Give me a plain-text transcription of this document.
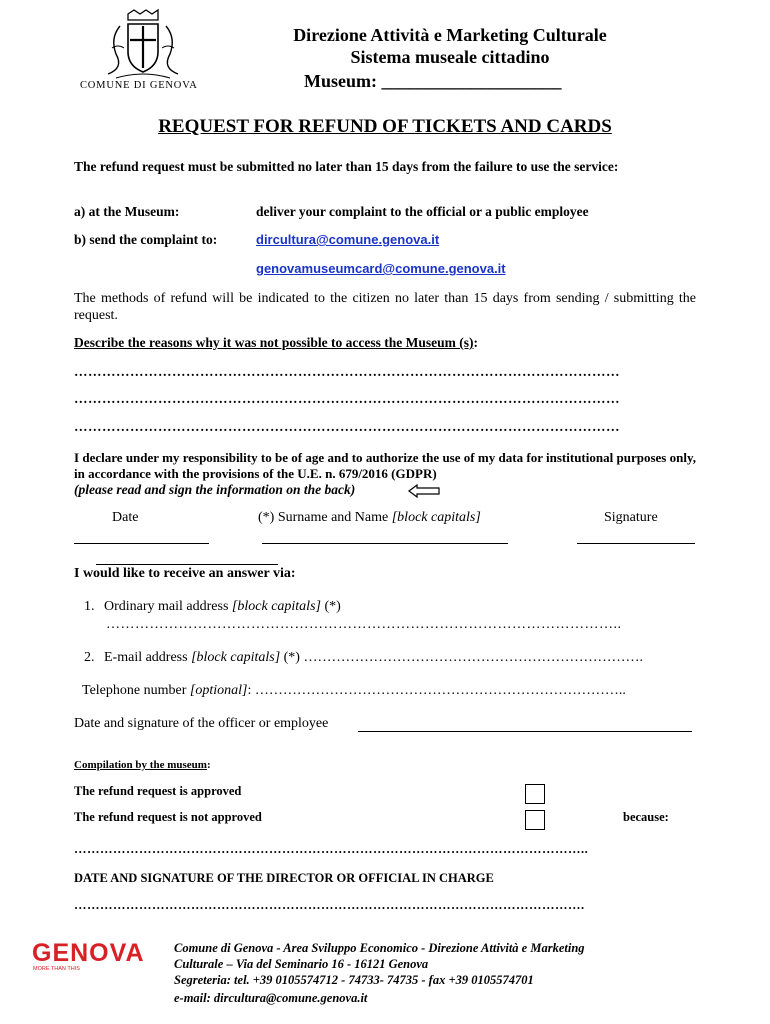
COMUNE DI GENOVA
Direzione Attività e Marketing Culturale
Sistema museale cittadino
Museum: ____________________
REQUEST FOR REFUND OF TICKETS AND CARDS
The refund request must be submitted no later than 15 days from the failure to use the service:
a) at the Museum:	deliver your complaint to the official or a public employee
b) send the complaint to:	dircultura@comune.genova.it
genovamuseumcard@comune.genova.it
The methods of refund will be indicated to the citizen no later than 15 days from sending / submitting the request.
Describe the reasons why it was not possible to access the Museum (s):
………………………………………………………………………………………………………
………………………………………………………………………………………………………
………………………………………………………………………………………………………
I declare under my responsibility to be of age and to authorize the use of my data for institutional purposes only, in accordance with the provisions of the U.E. n. 679/2016 (GDPR)
(please read and sign the information on the back)
Date	(*) Surname and Name [block capitals]	Signature
I would like to receive an answer via:
1. Ordinary mail address [block capitals] (*)
……………………………………………………………………………………………..
2. E-mail address [block capitals] (*) ……………………………………………………………….
Telephone number [optional]: ……………………………………………………………………..
Date and signature of the officer or employee
Compilation by the museum:
The refund request is approved
The refund request is not approved	because:
………………………………………………………………………………………………………..
DATE AND SIGNATURE OF THE DIRECTOR OR OFFICIAL IN CHARGE
……………………………………………………………………………………………………….
GENOVA
MORE THAN THIS
Comune di Genova - Area Sviluppo Economico - Direzione Attività e Marketing
Culturale – Via del Seminario 16 - 16121 Genova
Segreteria: tel. +39 0105574712 - 74733- 74735 - fax +39 0105574701
e-mail: dircultura@comune.genova.it
